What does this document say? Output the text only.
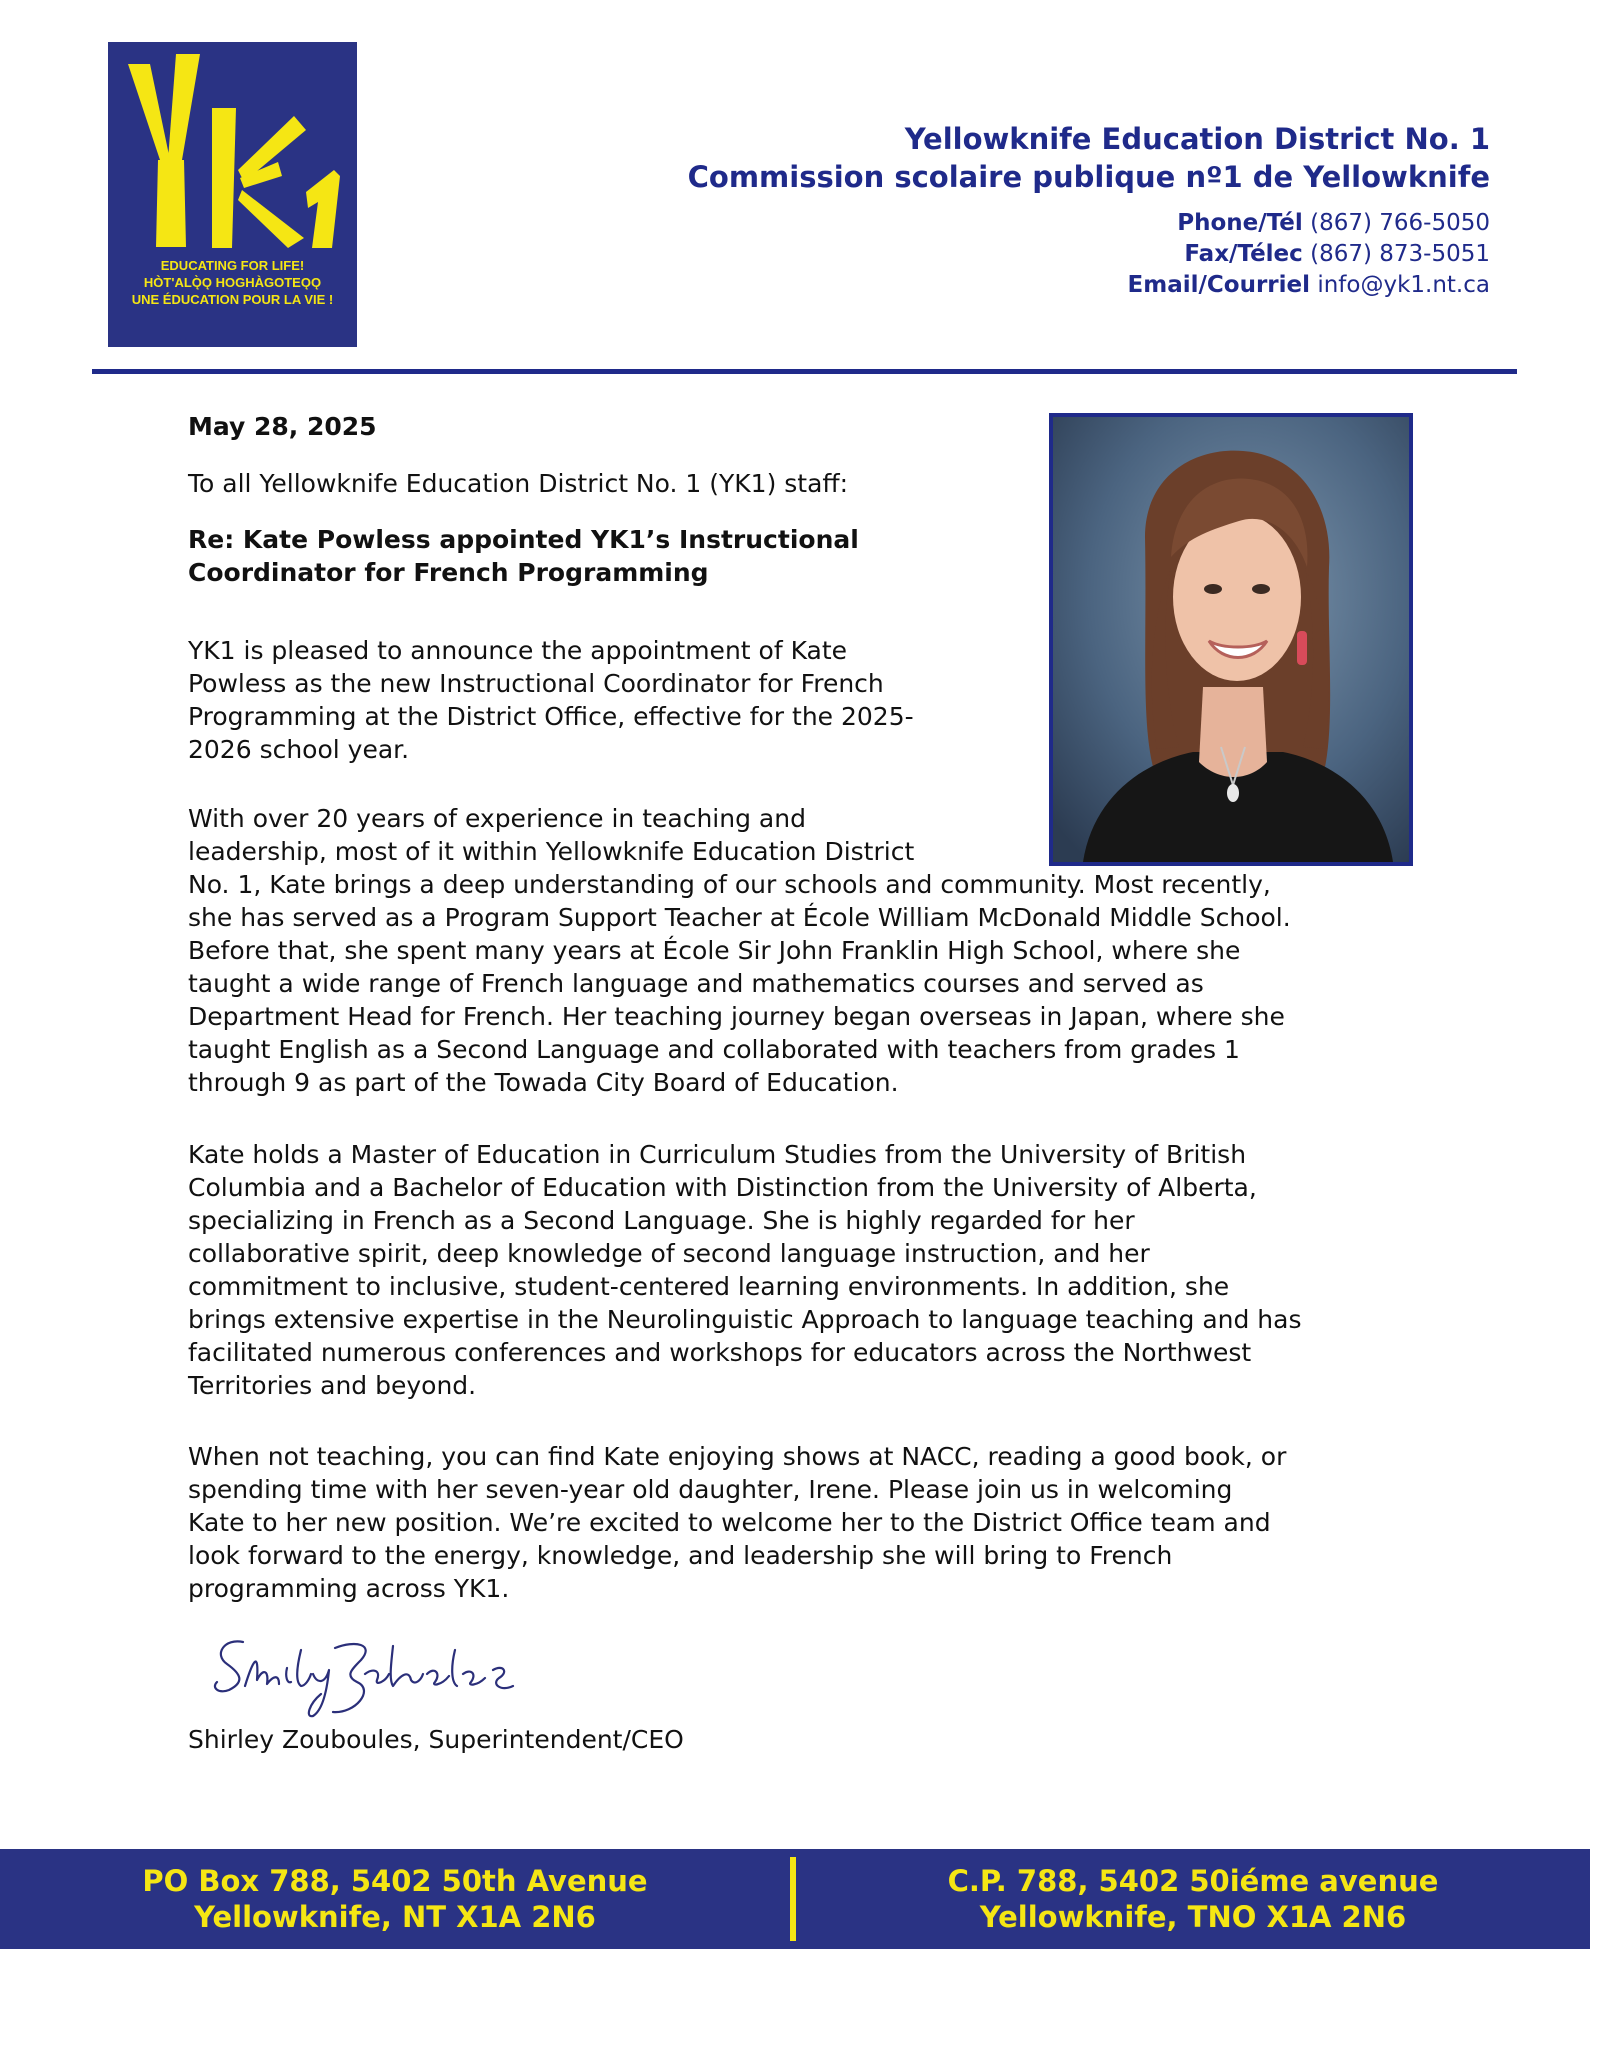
EDUCATING FOR LIFE!
HÒT'ALǪ̀Ǫ HOGHÀGOTEǪǪ
UNE ÉDUCATION POUR LA VIE !
Yellowknife Education District No. 1
Commission scolaire publique nº1 de Yellowknife
Phone/Tél (867) 766-5050
Fax/Télec (867) 873-5051
Email/Courriel info@yk1.nt.ca
May 28, 2025
To all Yellowknife Education District No. 1 (YK1) staff:
Re: Kate Powless appointed YK1’s Instructional
Coordinator for French Programming
YK1 is pleased to announce the appointment of Kate
Powless as the new Instructional Coordinator for French
Programming at the District Office, effective for the 2025-
2026 school year.
With over 20 years of experience in teaching and
leadership, most of it within Yellowknife Education District
No. 1, Kate brings a deep understanding of our schools and community. Most recently,
she has served as a Program Support Teacher at École William McDonald Middle School.
Before that, she spent many years at École Sir John Franklin High School, where she
taught a wide range of French language and mathematics courses and served as
Department Head for French. Her teaching journey began overseas in Japan, where she
taught English as a Second Language and collaborated with teachers from grades 1
through 9 as part of the Towada City Board of Education.
Kate holds a Master of Education in Curriculum Studies from the University of British
Columbia and a Bachelor of Education with Distinction from the University of Alberta,
specializing in French as a Second Language. She is highly regarded for her
collaborative spirit, deep knowledge of second language instruction, and her
commitment to inclusive, student-centered learning environments. In addition, she
brings extensive expertise in the Neurolinguistic Approach to language teaching and has
facilitated numerous conferences and workshops for educators across the Northwest
Territories and beyond.
When not teaching, you can find Kate enjoying shows at NACC, reading a good book, or
spending time with her seven-year old daughter, Irene. Please join us in welcoming
Kate to her new position. We’re excited to welcome her to the District Office team and
look forward to the energy, knowledge, and leadership she will bring to French
programming across YK1.
Shirley Zouboules, Superintendent/CEO
PO Box 788, 5402 50th Avenue
Yellowknife, NT X1A 2N6
C.P. 788, 5402 50iéme avenue
Yellowknife, TNO X1A 2N6
